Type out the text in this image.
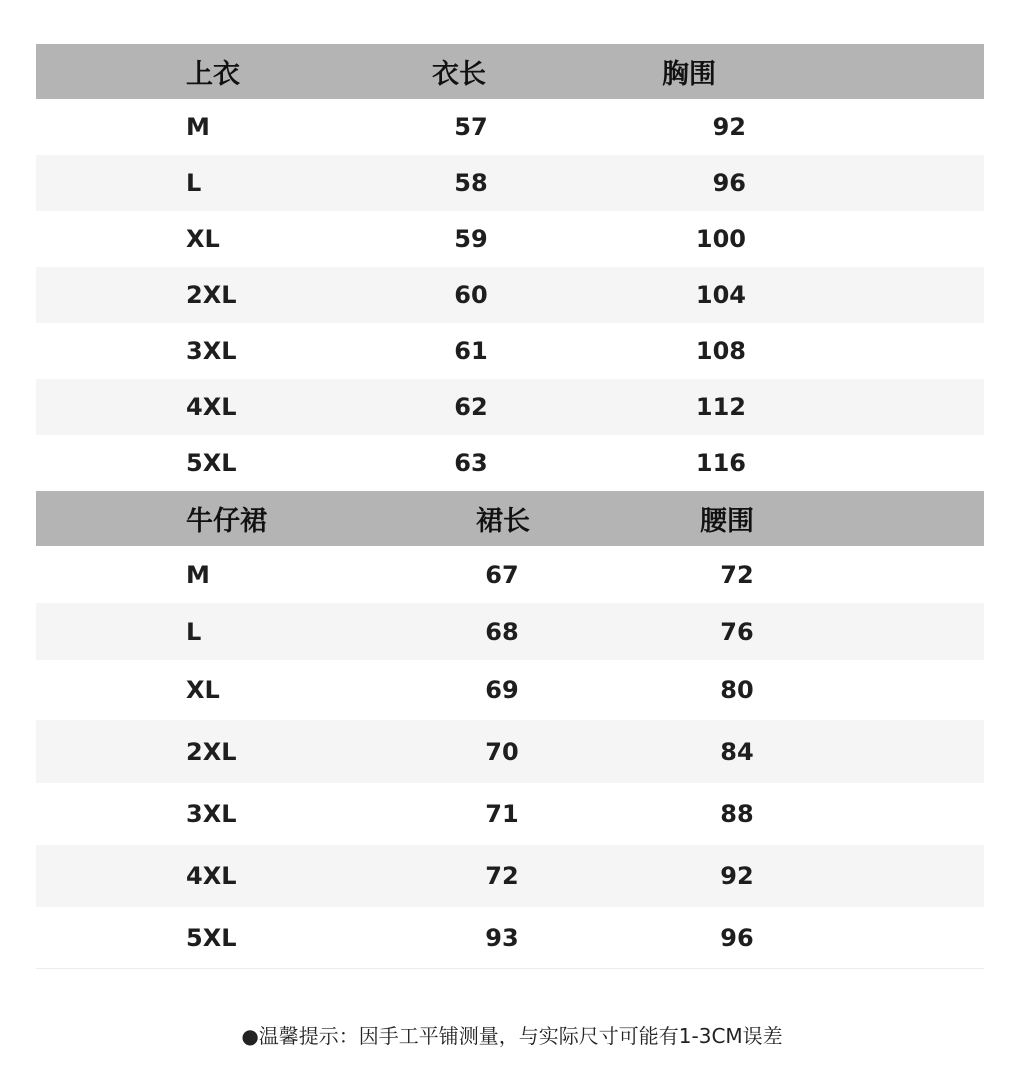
上衣	衣长	胸围
M	57	92
L	58	96
XL	59	100
2XL	60	104
3XL	61	108
4XL	62	112
5XL	63	116
牛仔裙	裙长	腰围
M	67	72
L	68	76
XL	69	80
2XL	70	84
3XL	71	88
4XL	72	92
5XL	93	96
●温馨提示：因手工平铺测量，与实际尺寸可能有1-3CM误差
